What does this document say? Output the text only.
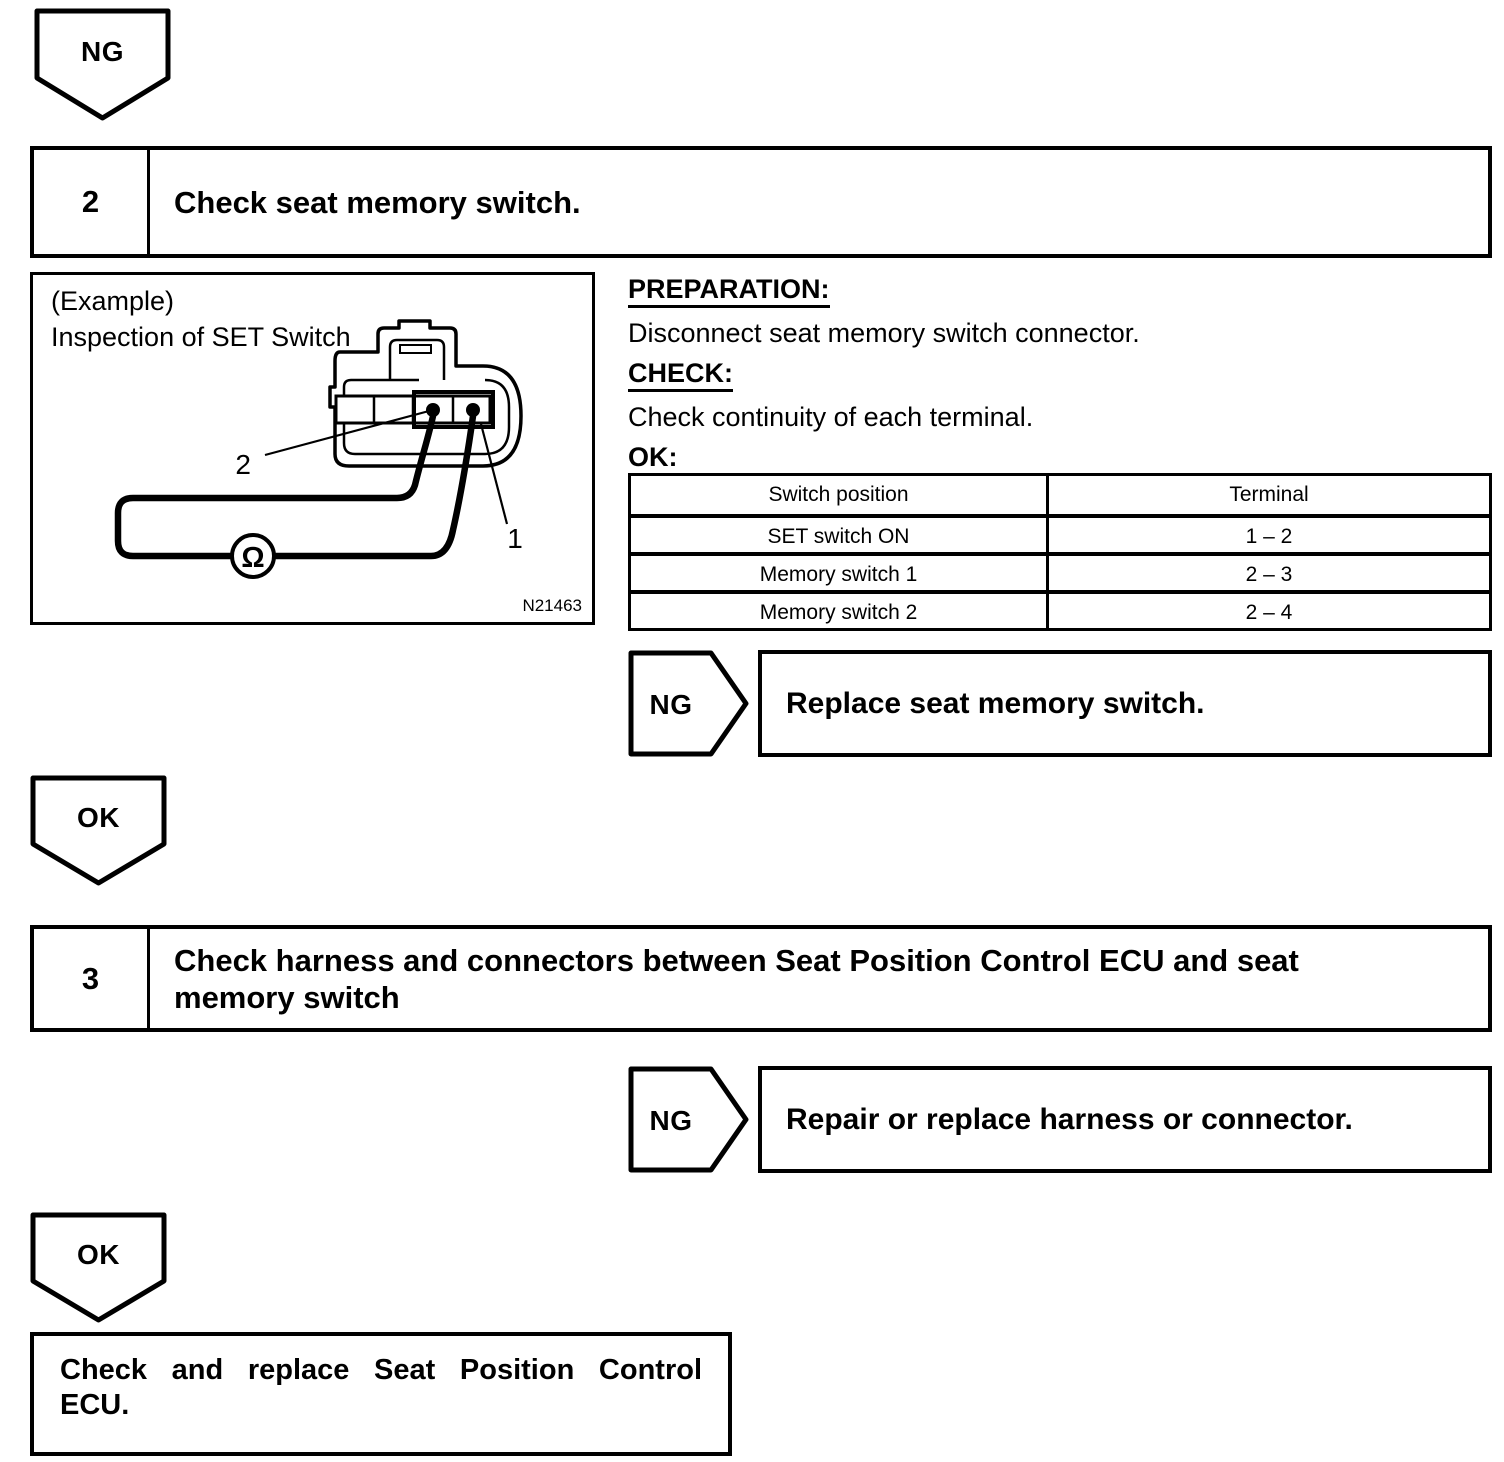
NG
2	Check seat memory switch.
Ω
2
1
(Example)
Inspection of SET Switch
N21463
PREPARATION:
Disconnect seat memory switch connector.
CHECK:
Check continuity of each terminal.
OK:
Switch position	Terminal
SET switch ON	1 – 2
Memory switch 1	2 – 3
Memory switch 2	2 – 4
NG	Replace seat memory switch.
OK
3
Check harness and connectors between Seat Position Control ECU and seat
memory switch
NG	Repair or replace harness or connector.
OK
Check and replace Seat Position Control
ECU.
